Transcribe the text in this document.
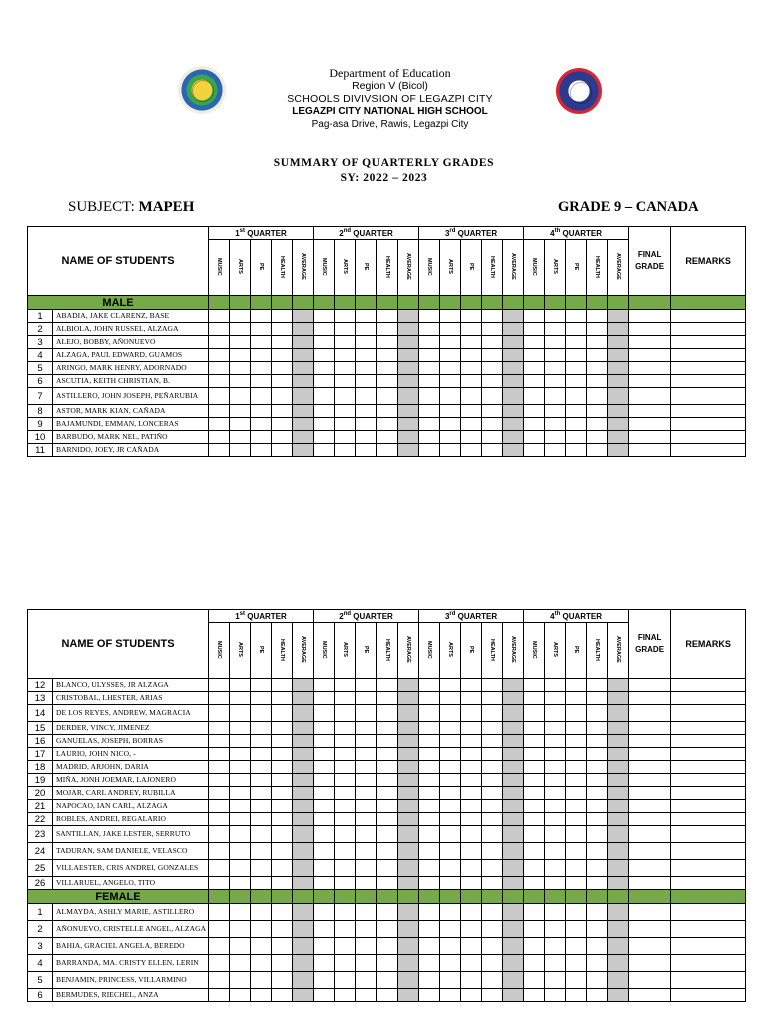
Department of Education
Region V (Bicol)
SCHOOLS DIVIVSION OF LEGAZPI CITY
LEGAZPI CITY NATIONAL HIGH SCHOOL
Pag-asa Drive, Rawis, Legazpi City
SUMMARY OF QUARTERLY GRADES
SY: 2022 – 2023
SUBJECT: MAPEH	GRADE 9 – CANADA
NAME OF STUDENTS		1st QUARTER					2nd QUARTER					3rd QUARTER					4th QUARTER					FINAL
GRADE	REMARKS
		MUSIC	ARTS	PE	HEALTH	AVERAGE	MUSIC	ARTS	PE	HEALTH	AVERAGE	MUSIC	ARTS	PE	HEALTH	AVERAGE	MUSIC	ARTS	PE	HEALTH	AVERAGE		
MALE																							
1	ABADIA, JAKE CLARENZ, BASE																						
2	ALBIOLA, JOHN RUSSEL, ALZAGA																						
3	ALEJO, BOBBY, AÑONUEVO																						
4	ALZAGA, PAUL EDWARD, GUAMOS																						
5	ARINGO, MARK HENRY, ADORNADO																						
6	ASCUTIA, KEITH CHRISTIAN, B.																						
7	ASTILLERO, JOHN JOSEPH, PEÑARUBIA																						
8	ASTOR, MARK KIAN, CAÑADA																						
9	BAJAMUNDI, EMMAN, LONCERAS																						
10	BARBUDO, MARK NEL, PATIÑO																						
11	BARNIDO, JOEY, JR CAÑADA																						
NAME OF STUDENTS		1st QUARTER					2nd QUARTER					3rd QUARTER					4th QUARTER					FINAL
GRADE	REMARKS
		MUSIC	ARTS	PE	HEALTH	AVERAGE	MUSIC	ARTS	PE	HEALTH	AVERAGE	MUSIC	ARTS	PE	HEALTH	AVERAGE	MUSIC	ARTS	PE	HEALTH	AVERAGE		
12	BLANCO, ULYSSES, JR ALZAGA																						
13	CRISTOBAL, LHESTER, ARIAS																						
14	DE LOS REYES, ANDREW, MAGRACIA																						
15	DERDER, VINCY, JIMENEZ																						
16	GANUELAS, JOSEPH, BORRAS																						
17	LAURIO, JOHN NICO, -																						
18	MADRID, ARJOHN, DARIA																						
19	MIÑA, JONH JOEMAR, LAJONERO																						
20	MOJAR, CARL ANDREY, RUBILLA																						
21	NAPOCAO, IAN CARL, ALZAGA																						
22	ROBLES, ANDREI, REGALARIO																						
23	SANTILLAN, JAKE LESTER, SERRUTO																						
24	TADURAN, SAM DANIELE, VELASCO																						
25	VILLAESTER, CRIS ANDREI, GONZALES																						
26	VILLARUEL, ANGELO, TITO																						
FEMALE																							
1	ALMAYDA, ASHLY MARIE, ASTILLERO																						
2	AÑONUEVO, CRISTELLE ANGEL, ALZAGA																						
3	BAHIA, GRACIEL ANGELA, BEREDO																						
4	BARRANDA, MA. CRISTY ELLEN, LERIN																						
5	BENJAMIN, PRINCESS, VILLARMINO																						
6	BERMUDES, RIECHEL, ANZA																						
